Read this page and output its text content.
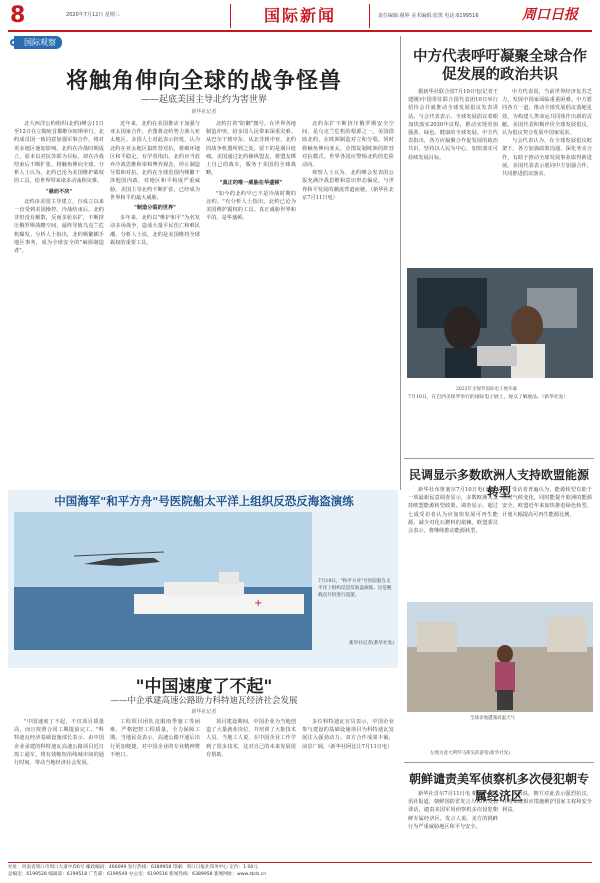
8	2020年7月12日 星期三	国际新闻	责任编辑:翟婷 美术编辑:张凯 电话:6199516	周口日报
国际观察
将触角伸向全球的战争怪兽
——起底美国主导北约为害世界
新华社记者

北大西洋公约组织(北约)峰会11日至12日在立陶宛首都维尔纽斯举行。北约成员国一致同意加强军事合作，将对更多地区施加影响。北约在冷战时期成立，原本以对抗苏联为目标，却在冷战结束后不断扩张，将触角伸向全球。分析人士认为，北约已沦为美国维护霸权的工具，给世界带来诸多动荡和灾难。

"悬而不决"

北约由美国主导建立，自成立以来一直受到美国操控。冷战结束后，北约非但没有解散，反而多轮东扩，不断挤压俄罗斯战略空间，最终导致乌克兰危机爆发。分析人士指出，北约频繁插手地区事务，成为全球安全的"麻烦制造者"。

近年来，北约在美国推动下加强与亚太国家合作，企图将北约势力渗入亚太地区。多国人士对此表示担忧，认为北约在亚太地区搞阵营对抗，将破坏地区和平稳定。有学者指出，北约应当放弃冷战思维和零和博弈观念，停止制造分裂和对抗。北约在全球范围内频繁干涉他国内政，对地区和平构成严重威胁。美国主导北约不断扩张，已经成为世界和平的最大威胁。

"制造分裂的世界"

多年来，北约以"维护和平"为名发动多场战争，造成大量平民伤亡和难民潮。分析人士说，北约是美国维持全球霸权的重要工具。

北约打着"防御"旗号，在世界各地制造冲突，给多国人民带来深重灾难。从巴尔干到中东，从北非到中亚，北约的战争机器所到之处，留下的是满目疮痍。美国通过北约操纵盟友，将盟友绑上自己的战车，服务于美国的全球战略。

"真正的唯一威胁在华盛顿"

"如今的北约早已不是冷战时期的北约。"有分析人士指出，北约已沦为美国维护霸权的工具。真正威胁世界和平的，是华盛顿。

北约东扩不断挤压俄罗斯安全空间，是乌克兰危机的根源之一。美国借助北约，在欧洲制造对立和分裂，同时将触角伸向亚太，企图复制欧洲的阵营对抗模式。世界各国应警惕北约的危险动向。

观察人士认为，北约峰会发表的公报充满冷战思维和意识形态偏见，与世界和平发展的潮流背道而驰。（新华社北京7月11日电）

中方代表呼吁凝聚全球合作促发展的政治共识

据新华社联合国7月10日电(记者王建刚)中国常驻联合国代表团10日举行招待会并就推动全球发展倡议发表讲话。与会代表表示，全球发展倡议着眼加快落实2030年议程，推动实现更加强劲、绿色、健康的全球发展。中方代表指出，各方应凝聚合作促发展的政治共识，坚持以人民为中心，加快落实可持续发展目标。

中方代表说，当前世界经济复苏乏力，发展中国家面临重重困难。中方愿同各方一道，推动全球发展倡议落地见效，为构建人类命运共同体作出新的贡献。多国代表积极评价全球发展倡议，认为倡议契合发展中国家需求。

与会代表认为，在全球发展倡议框架下，各方加强政策沟通、深化务实合作，有助于推动全球发展事业取得新进展。多国代表表示愿同中方加强合作，共同推进倡议落实。

2023年圣保罗国际电子展开幕

7月10日，在巴西圣保罗举行的国际电子展上，观众了解展品。（新华社发）

民调显示多数欧洲人支持欧盟能源转型

新华社布鲁塞尔7月10日电(记者)一项最新民意调查显示，多数欧洲人支持欧盟能源转型政策。调查显示，超过七成受访者认为应加快发展可再生能源，减少对化石燃料的依赖。欧盟委员会表示，将继续推动能源转型。

受访者普遍认为，能源转型有助于应对气候变化，同时能提升欧洲的能源安全。欧盟近年来加快推进绿色转型，计划大幅提高可再生能源比例。

全球多地遭遇高温天气
左图为意大利罗马街头的游客(新华社发)
朝鲜谴责美军侦察机多次侵犯朝专属经济区

新华社首尔7月11日电 朝鲜中央通讯社报道，朝鲜国防省发言人10日发表谈话，谴责美国军用侦察机多次侵犯朝鲜专属经济区。发言人说，美方的挑衅行为严重威胁地区和平与安全。

谈话说，朝方对此表示强烈抗议，并将采取相应措施维护国家主权和安全利益。

中国海军"和平方舟"号医院船太平洋上组织反恐反海盗演练
+
7月10日，"和平方舟"号医院船在太平洋上组织反恐反海盗演练。这是舰载直升机进行巡逻。
新华社记者(新华社发)
"中国速度了不起"
——中企承建高速公路助力科特迪瓦经济社会发展
新华社记者

"中国速度了不起，不仅项目质量高，而且按照合同工期提前完工。"科特迪瓦经济基础设施部长表示。由中国企业承建的科特迪瓦高速公路项目近日竣工通车，将有效缩短沿线城市间的通行时间，带动当地经济社会发展。

工程项目团队克服雨季施工等困难，严格把控工程质量，全力保障工期。当地民众表示，高速公路开通后出行更加便捷，对中国企业的专业精神赞不绝口。

项目建设期间，中国企业为当地创造了大量就业岗位，并培训了大批技术人员。当地工人说，在中国企业工作学到了很多技术，这对自己的未来发展很有帮助。

多位科特迪瓦官员表示，中国企业参与建设的基础设施项目为科特迪瓦发展注入强劲动力。双方合作成果丰硕，前景广阔。（新华社阿比让7月11日电）

社址：河南省周口市周口大道中段6号 邮政编码：466099 发行热线：6389958 印刷：周口日报社印务中心 定价：1.00元
总编室：6199528 编辑部：6199518 广告部：6199549 办公室：6199516 新闻热线：6389958 新闻网址：www.zkrb.cn
